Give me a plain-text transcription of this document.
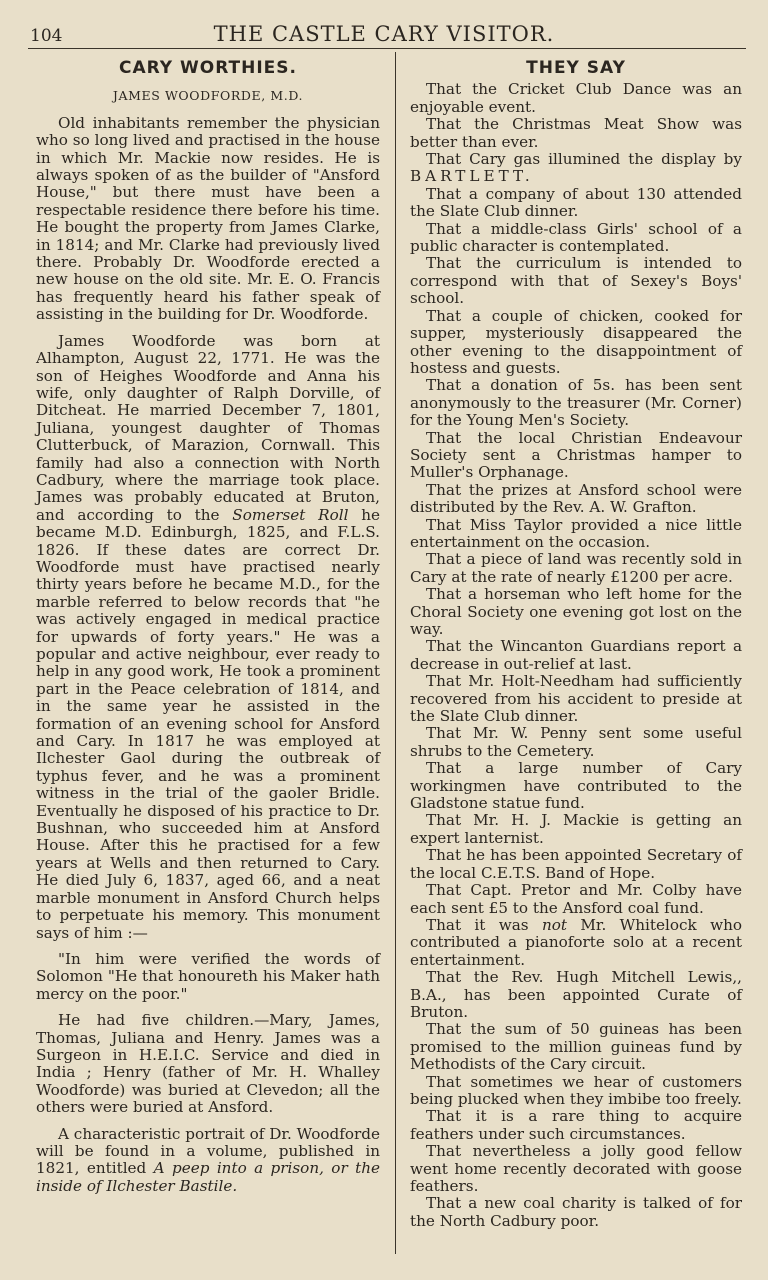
104	THE CASTLE CARY VISITOR.
CARY WORTHIES.
JAMES WOODFORDE, M.D.

Old inhabitants remember the physician who so long lived and practised in the house in which Mr. Mackie now resides. He is always spoken of as the builder of "Ansford House," but there must have been a respectable residence there before his time. He bought the property from James Clarke, in 1814; and Mr. Clarke had previously lived there. Probably Dr. Woodforde erected a new house on the old site. Mr. E. O. Francis has frequently heard his father speak of assisting in the building for Dr. Woodforde.

James Woodforde was born at Alhampton, August 22, 1771. He was the son of Heighes Woodforde and Anna his wife, only daughter of Ralph Dorville, of Ditcheat. He married December 7, 1801, Juliana, youngest daughter of Thomas Clutterbuck, of Marazion, Cornwall. This family had also a connection with North Cadbury, where the marriage took place. James was probably educated at Bruton, and according to the Somerset Roll he became M.D. Edinburgh, 1825, and F.L.S. 1826. If these dates are correct Dr. Woodforde must have practised nearly thirty years before he became M.D., for the marble referred to below records that "he was actively engaged in medical practice for upwards of forty years." He was a popular and active neighbour, ever ready to help in any good work, He took a prominent part in the Peace celebration of 1814, and in the same year he assisted in the formation of an evening school for Ansford and Cary. In 1817 he was employed at Ilchester Gaol during the outbreak of typhus fever, and he was a prominent witness in the trial of the gaoler Bridle. Eventually he disposed of his practice to Dr. Bushnan, who succeeded him at Ansford House. After this he practised for a few years at Wells and then returned to Cary. He died July 6, 1837, aged 66, and a neat marble monument in Ansford Church helps to perpetuate his memory. This monument says of him :—

"In him were verified the words of Solomon "He that honoureth his Maker hath mercy on the poor."

He had five children.—Mary, James, Thomas, Juliana and Henry. James was a Surgeon in H.E.I.C. Service and died in India ; Henry (father of Mr. H. Whalley Woodforde) was buried at Clevedon; all the others were buried at Ansford.

A characteristic portrait of Dr. Woodforde will be found in a volume, published in 1821, entitled A peep into a prison, or the inside of Ilchester Bastile.

THEY SAY

That the Cricket Club Dance was an enjoyable event.

That the Christmas Meat Show was better than ever.

That Cary gas illumined the display by BARTLETT.

That a company of about 130 attended the Slate Club dinner.

That a middle-class Girls' school of a public character is contemplated.

That the curriculum is intended to correspond with that of Sexey's Boys' school.

That a couple of chicken, cooked for supper, mysteriously disappeared the other evening to the disappointment of hostess and guests.

That a donation of 5s. has been sent anonymously to the treasurer (Mr. Corner) for the Young Men's Society.

That the local Christian Endeavour Society sent a Christmas hamper to Muller's Orphanage.

That the prizes at Ansford school were distributed by the Rev. A. W. Grafton.

That Miss Taylor provided a nice little entertainment on the occasion.

That a piece of land was recently sold in Cary at the rate of nearly £1200 per acre.

That a horseman who left home for the Choral Society one evening got lost on the way.

That the Wincanton Guardians report a decrease in out-relief at last.

That Mr. Holt-Needham had sufficiently recovered from his accident to preside at the Slate Club dinner.

That Mr. W. Penny sent some useful shrubs to the Cemetery.

That a large number of Cary workingmen have contributed to the Gladstone statue fund.

That Mr. H. J. Mackie is getting an expert lanternist.

That he has been appointed Secretary of the local C.E.T.S. Band of Hope.

That Capt. Pretor and Mr. Colby have each sent £5 to the Ansford coal fund.

That it was not Mr. Whitelock who contributed a pianoforte solo at a recent entertainment.

That the Rev. Hugh Mitchell Lewis,, B.A., has been appointed Curate of Bruton.

That the sum of 50 guineas has been promised to the million guineas fund by Methodists of the Cary circuit.

That sometimes we hear of customers being plucked when they imbibe too freely.

That it is a rare thing to acquire feathers under such circumstances.

That nevertheless a jolly good fellow went home recently decorated with goose feathers.

That a new coal charity is talked of for the North Cadbury poor.
